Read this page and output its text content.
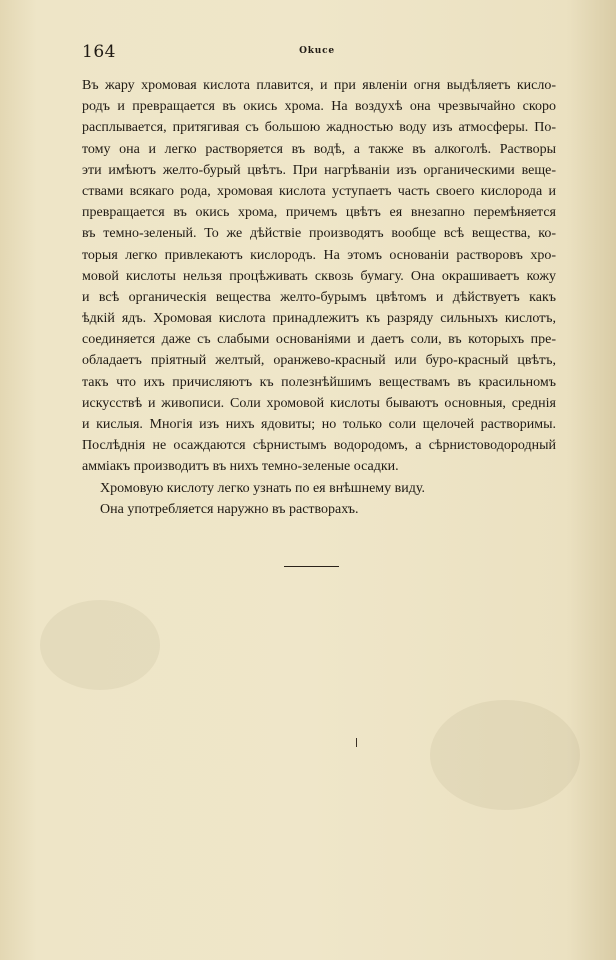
164	Okuce
Въ жару хромовая кислота плавится, и при явленіи огня выдѣляетъ кисло-
родъ и превращается въ окись хрома. На воздухѣ она чрезвычайно скоро
расплывается, притягивая съ большою жадностью воду изъ атмосферы. По-
тому она и легко растворяется въ водѣ, а также въ алкоголѣ. Растворы
эти имѣютъ желто-бурый цвѣтъ. При нагрѣваніи изъ органическими веще-
ствами всякаго рода, хромовая кислота уступаетъ часть своего кислорода и
превращается въ окись хрома, причемъ цвѣтъ ея внезапно перемѣняется
въ темно-зеленый. То же дѣйствіе производятъ вообще всѣ вещества, ко-
торыя легко привлекаютъ кислородъ. На этомъ основаніи растворовъ хро-
мовой кислоты нельзя процѣживать сквозь бумагу. Она окрашиваетъ кожу
и всѣ органическія вещества желто-бурымъ цвѣтомъ и дѣйствуетъ какъ
ѣдкій ядъ. Хромовая кислота принадлежитъ къ разряду сильныхъ кислотъ,
соединяется даже съ слабыми основаніями и даетъ соли, въ которыхъ пре-
обладаетъ пріятный желтый, оранжево-красный или буро-красный цвѣтъ,
такъ что ихъ причисляютъ къ полезнѣйшимъ веществамъ въ красильномъ
искусствѣ и живописи. Соли хромовой кислоты бываютъ основныя, среднія
и кислыя. Многія изъ нихъ ядовиты; но только соли щелочей растворимы.
Послѣднія не осаждаются сѣрнистымъ водородомъ, а сѣрнистоводородный
аммiакъ производитъ въ нихъ темно-зеленые осадки.
Хромовую кислоту легко узнать по ея внѣшнему виду.
Она употребляется наружно въ растворахъ.
